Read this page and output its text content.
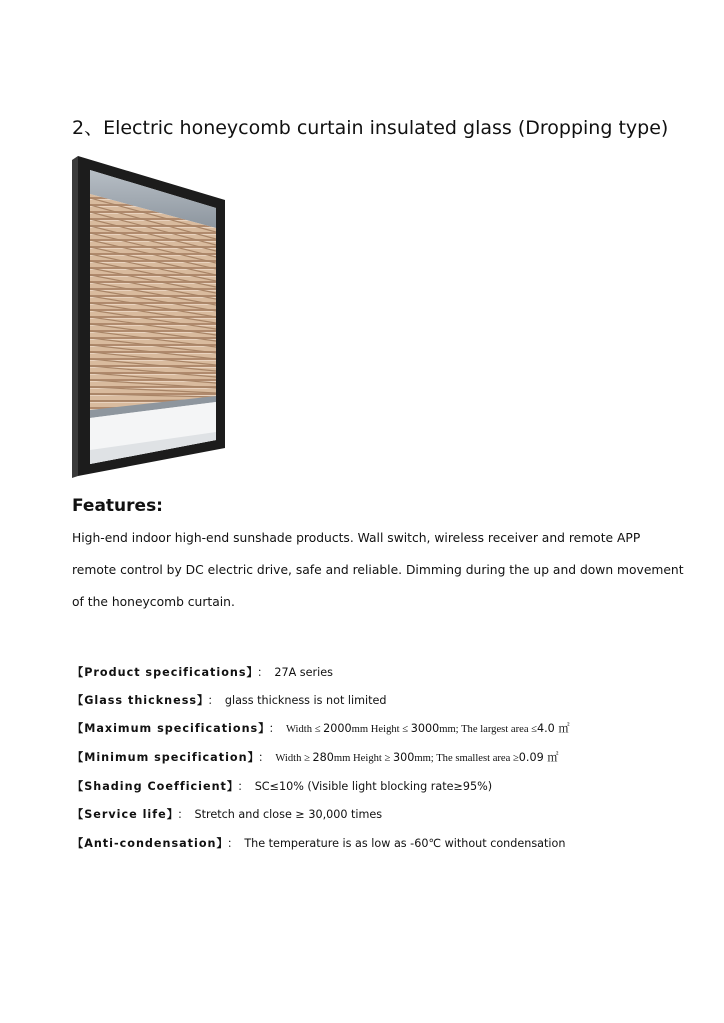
2、Electric honeycomb curtain insulated glass (Dropping type)
Features:
High-end indoor high-end sunshade products. Wall switch, wireless receiver and remote APP
remote control by DC electric drive, safe and reliable. Dimming during the up and down movement
of the honeycomb curtain.
【Product specifications】 ： 27A series
【Glass thickness】 ： glass thickness is not limited
【Maximum specifications】 ： Width ≤ 2000mm Height ≤ 3000mm; The largest area ≤4.0 ㎡
【Minimum specification】 ： Width ≥ 280mm Height ≥ 300mm; The smallest area ≥0.09 ㎡
【Shading Coefficient】 ： SC≤10% (Visible light blocking rate≥95%)
【Service life】 ： Stretch and close ≥ 30,000 times
【Anti-condensation】 ： The temperature is as low as -60℃ without condensation
